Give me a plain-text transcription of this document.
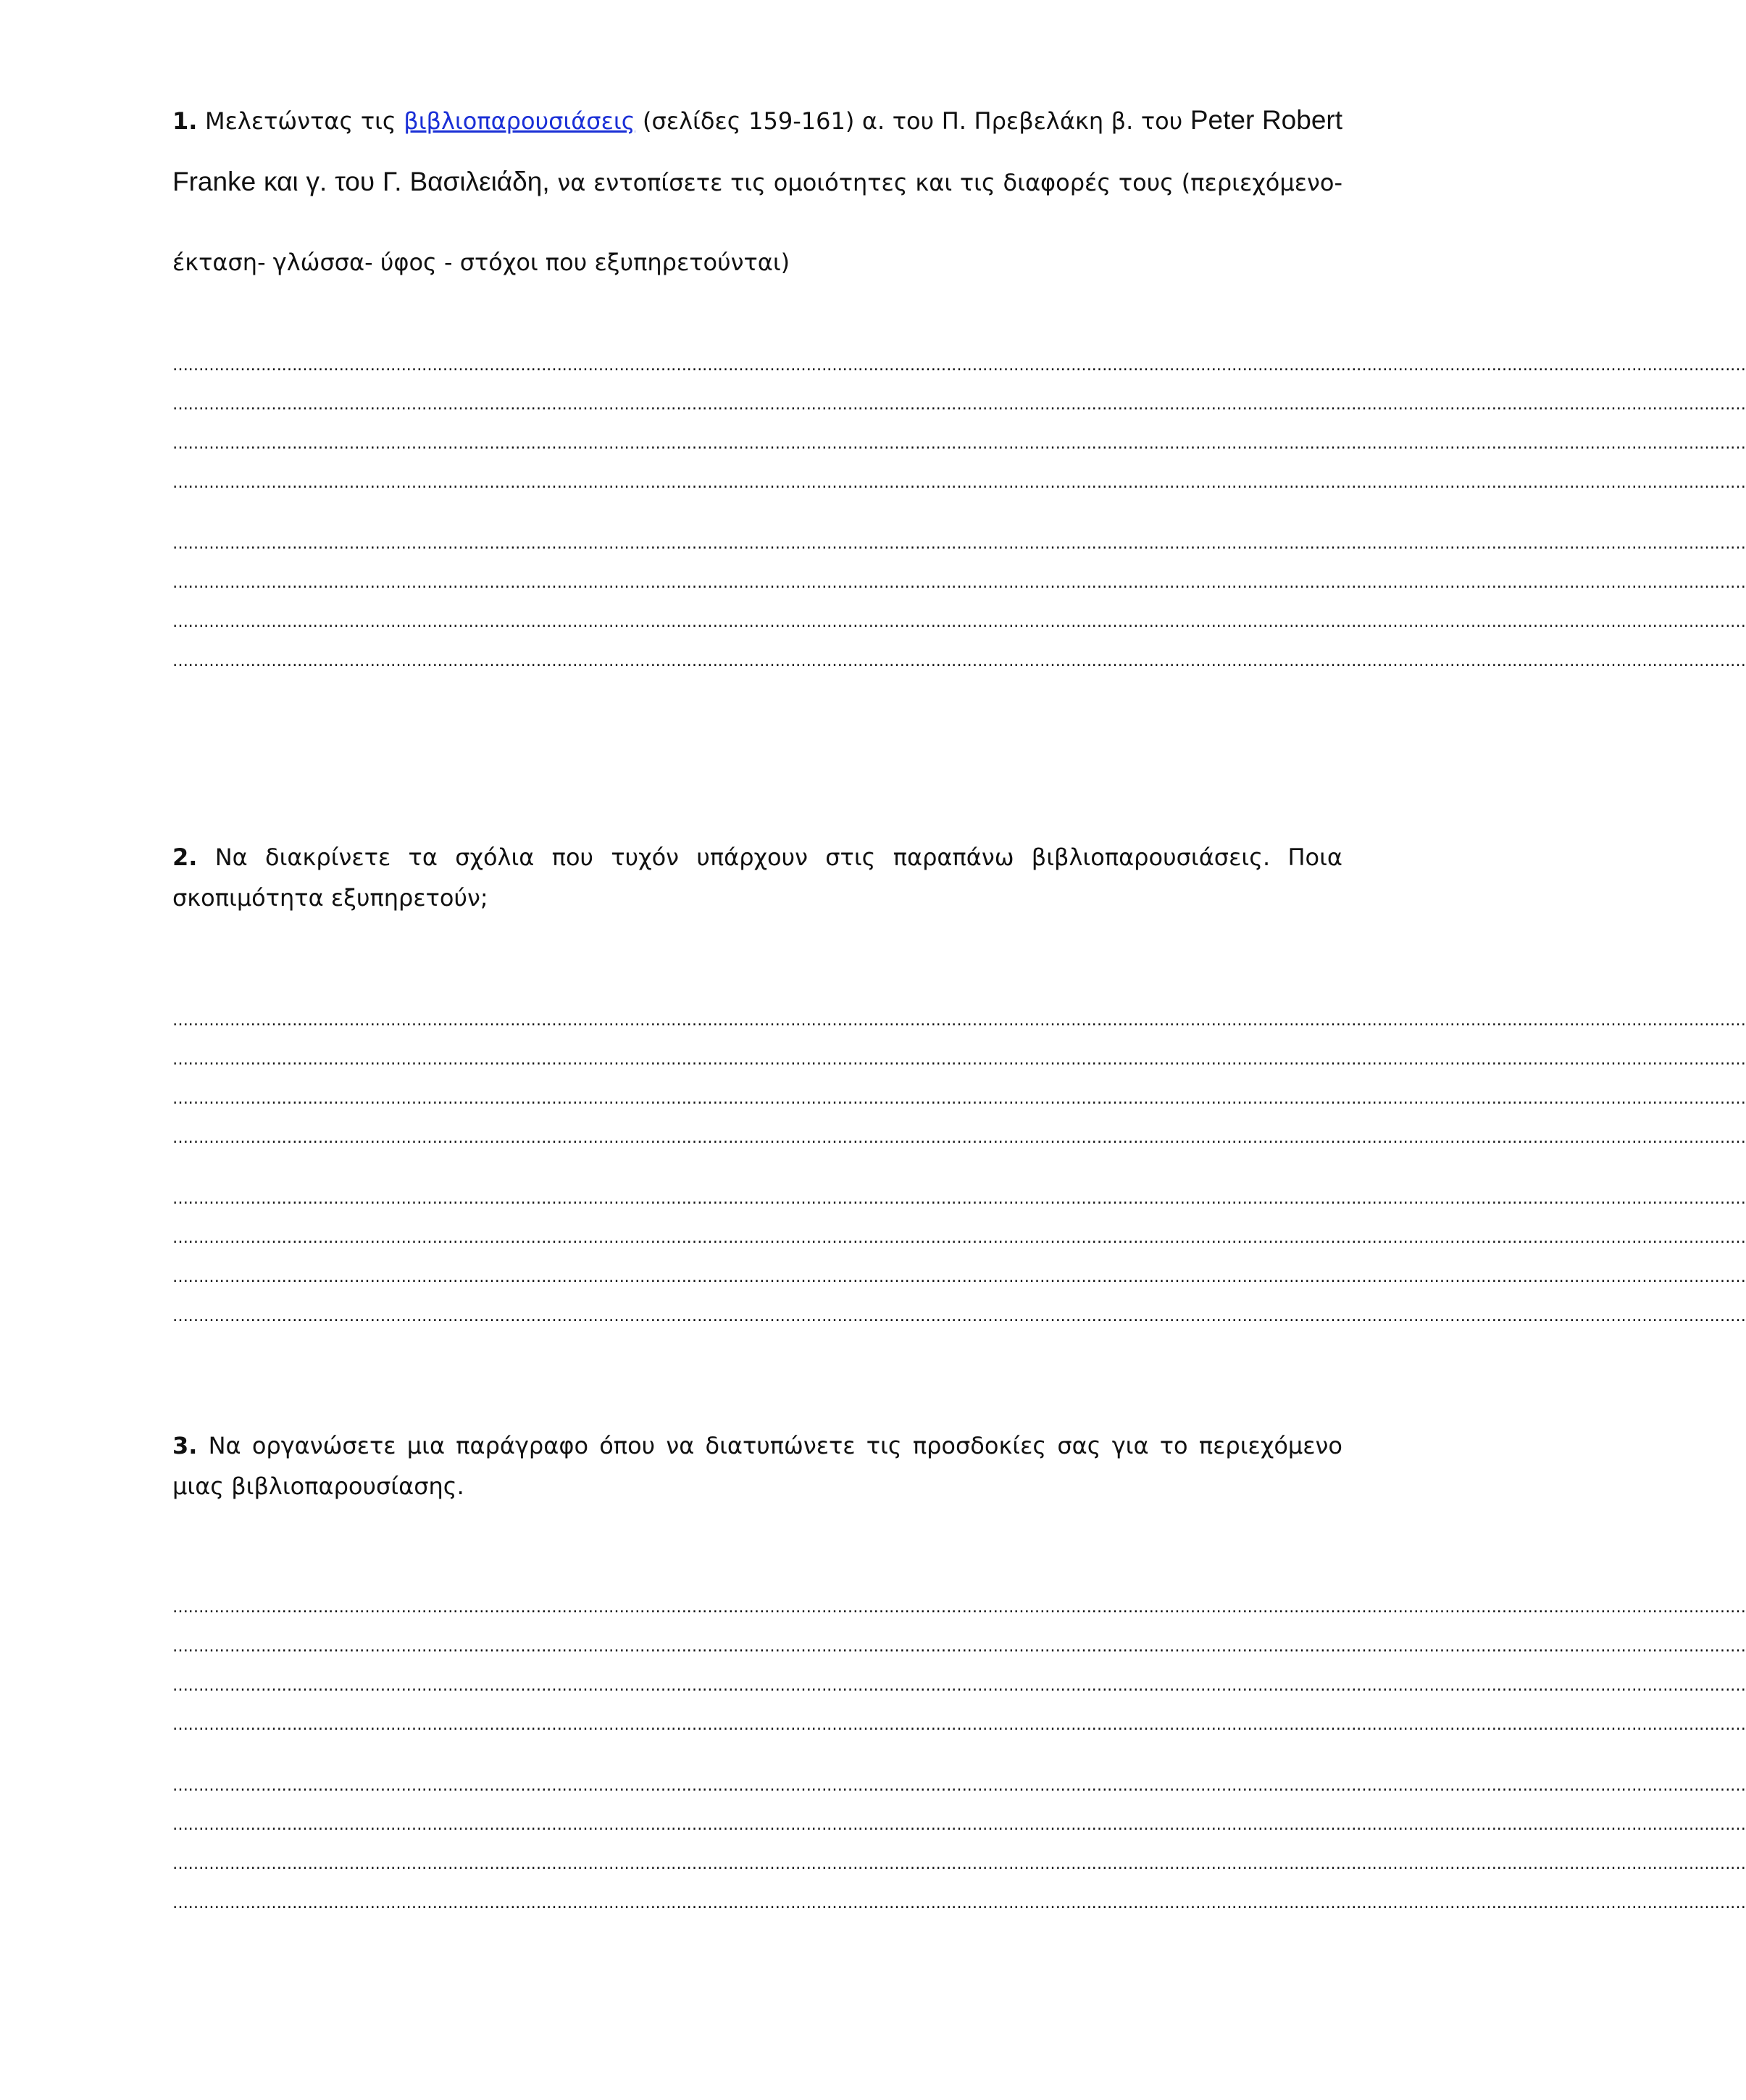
1. Μελετώντας τις βιβλιοπαρουσιάσεις (σελίδες 159-161) α. του Π. Πρεβελάκη β. του Peter Robert Franke και γ. του Γ. Βασιλειάδη, να εντοπίσετε τις ομοιότητες και τις διαφορές τους (περιεχόμενο- έκταση- γλώσσα- ύφος - στόχοι που εξυπηρετούνται)
……………………………………………………………………………………………………………………………………………………………………………………………………………………………………………………………………………
……………………………………………………………………………………………………………………………………………………………………………………………………………………………………………………………………………
……………………………………………………………………………………………………………………………………………………………………………………………………………………………………………………………………………
……………………………………………………………………………………………………………………………………………………………………………………………………………………………………………………………………………
……………………………………………………………………………………………………………………………………………………………………………………………………………………………………………………………………………
……………………………………………………………………………………………………………………………………………………………………………………………………………………………………………………………………………
……………………………………………………………………………………………………………………………………………………………………………………………………………………………………………………………………………
……………………………………………………………………………………………………………………………………………………………………………………………………………………………………………………………………………
2. Να διακρίνετε τα σχόλια που τυχόν υπάρχουν στις παραπάνω βιβλιοπαρουσιάσεις. Ποια σκοπιμότητα εξυπηρετούν;
……………………………………………………………………………………………………………………………………………………………………………………………………………………………………………………………………………
……………………………………………………………………………………………………………………………………………………………………………………………………………………………………………………………………………
……………………………………………………………………………………………………………………………………………………………………………………………………………………………………………………………………………
……………………………………………………………………………………………………………………………………………………………………………………………………………………………………………………………………………
……………………………………………………………………………………………………………………………………………………………………………………………………………………………………………………………………………
……………………………………………………………………………………………………………………………………………………………………………………………………………………………………………………………………………
……………………………………………………………………………………………………………………………………………………………………………………………………………………………………………………………………………
……………………………………………………………………………………………………………………………………………………………………………………………………………………………………………………………………………
3. Να οργανώσετε μια παράγραφο όπου να διατυπώνετε τις προσδοκίες σας για το περιεχόμενο μιας βιβλιοπαρουσίασης.
……………………………………………………………………………………………………………………………………………………………………………………………………………………………………………………………………………
……………………………………………………………………………………………………………………………………………………………………………………………………………………………………………………………………………
……………………………………………………………………………………………………………………………………………………………………………………………………………………………………………………………………………
……………………………………………………………………………………………………………………………………………………………………………………………………………………………………………………………………………
……………………………………………………………………………………………………………………………………………………………………………………………………………………………………………………………………………
……………………………………………………………………………………………………………………………………………………………………………………………………………………………………………………………………………
……………………………………………………………………………………………………………………………………………………………………………………………………………………………………………………………………………
……………………………………………………………………………………………………………………………………………………………………………………………………………………………………………………………………………
